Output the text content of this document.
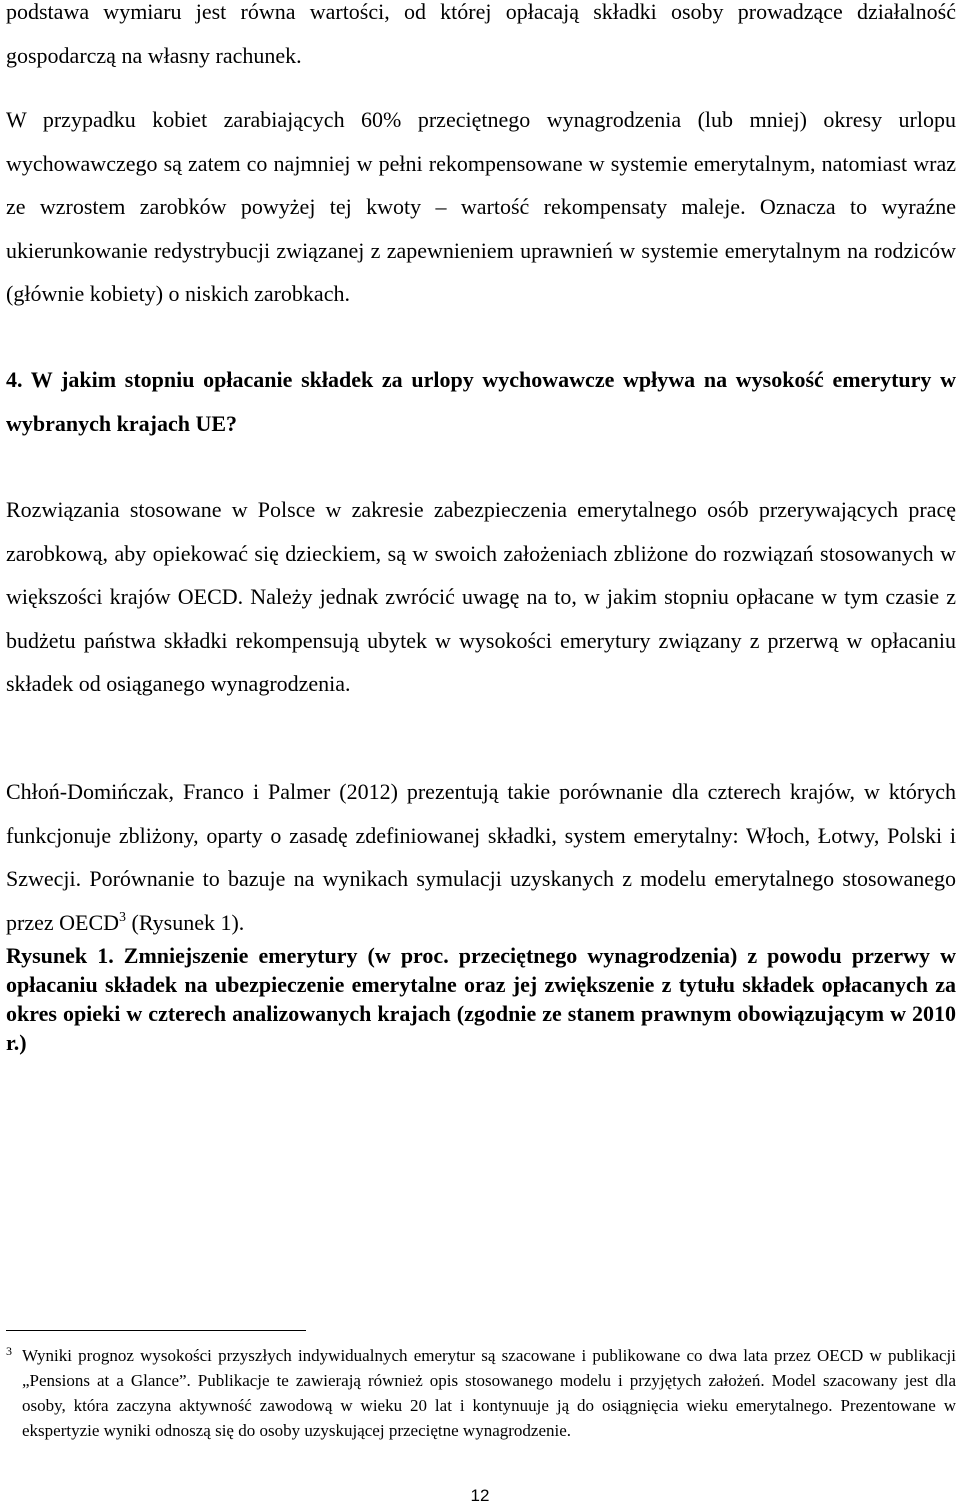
podstawa wymiaru jest równa wartości, od której opłacają składki osoby prowadzące działalność gospodarczą na własny rachunek.

W przypadku kobiet zarabiających 60% przeciętnego wynagrodzenia (lub mniej) okresy urlopu wychowawczego są zatem co najmniej w pełni rekompensowane w systemie emerytalnym, natomiast wraz ze wzrostem zarobków powyżej tej kwoty – wartość rekompensaty maleje. Oznacza to wyraźne ukierunkowanie redystrybucji związanej z zapewnieniem uprawnień w systemie emerytalnym na rodziców (głównie kobiety) o niskich zarobkach.

4. W jakim stopniu opłacanie składek za urlopy wychowawcze wpływa na wysokość emerytury w wybranych krajach UE?

Rozwiązania stosowane w Polsce w zakresie zabezpieczenia emerytalnego osób przerywających pracę zarobkową, aby opiekować się dzieckiem, są w swoich założeniach zbliżone do rozwiązań stosowanych w większości krajów OECD. Należy jednak zwrócić uwagę na to, w jakim stopniu opłacane w tym czasie z budżetu państwa składki rekompensują ubytek w wysokości emerytury związany z przerwą w opłacaniu składek od osiąganego wynagrodzenia.

Chłoń-Domińczak, Franco i Palmer (2012) prezentują takie porównanie dla czterech krajów, w których funkcjonuje zbliżony, oparty o zasadę zdefiniowanej składki, system emerytalny: Włoch, Łotwy, Polski i Szwecji. Porównanie to bazuje na wynikach symulacji uzyskanych z modelu emerytalnego stosowanego przez OECD$^3$ (Rysunek 1).

Rysunek 1. Zmniejszenie emerytury (w proc. przeciętnego wynagrodzenia) z powodu przerwy w opłacaniu składek na ubezpieczenie emerytalne oraz jej zwiększenie z tytułu składek opłacanych za okres opieki w czterech analizowanych krajach (zgodnie ze stanem prawnym obowiązującym w 2010 r.)

3 Wyniki prognoz wysokości przyszłych indywidualnych emerytur są szacowane i publikowane co dwa lata przez OECD w publikacji „Pensions at a Glance”. Publikacje te zawierają również opis stosowanego modelu i przyjętych założeń. Model szacowany jest dla osoby, która zaczyna aktywność zawodową w wieku 20 lat i kontynuuje ją do osiągnięcia wieku emerytalnego. Prezentowane w ekspertyzie wyniki odnoszą się do osoby uzyskującej przeciętne wynagrodzenie.
12
